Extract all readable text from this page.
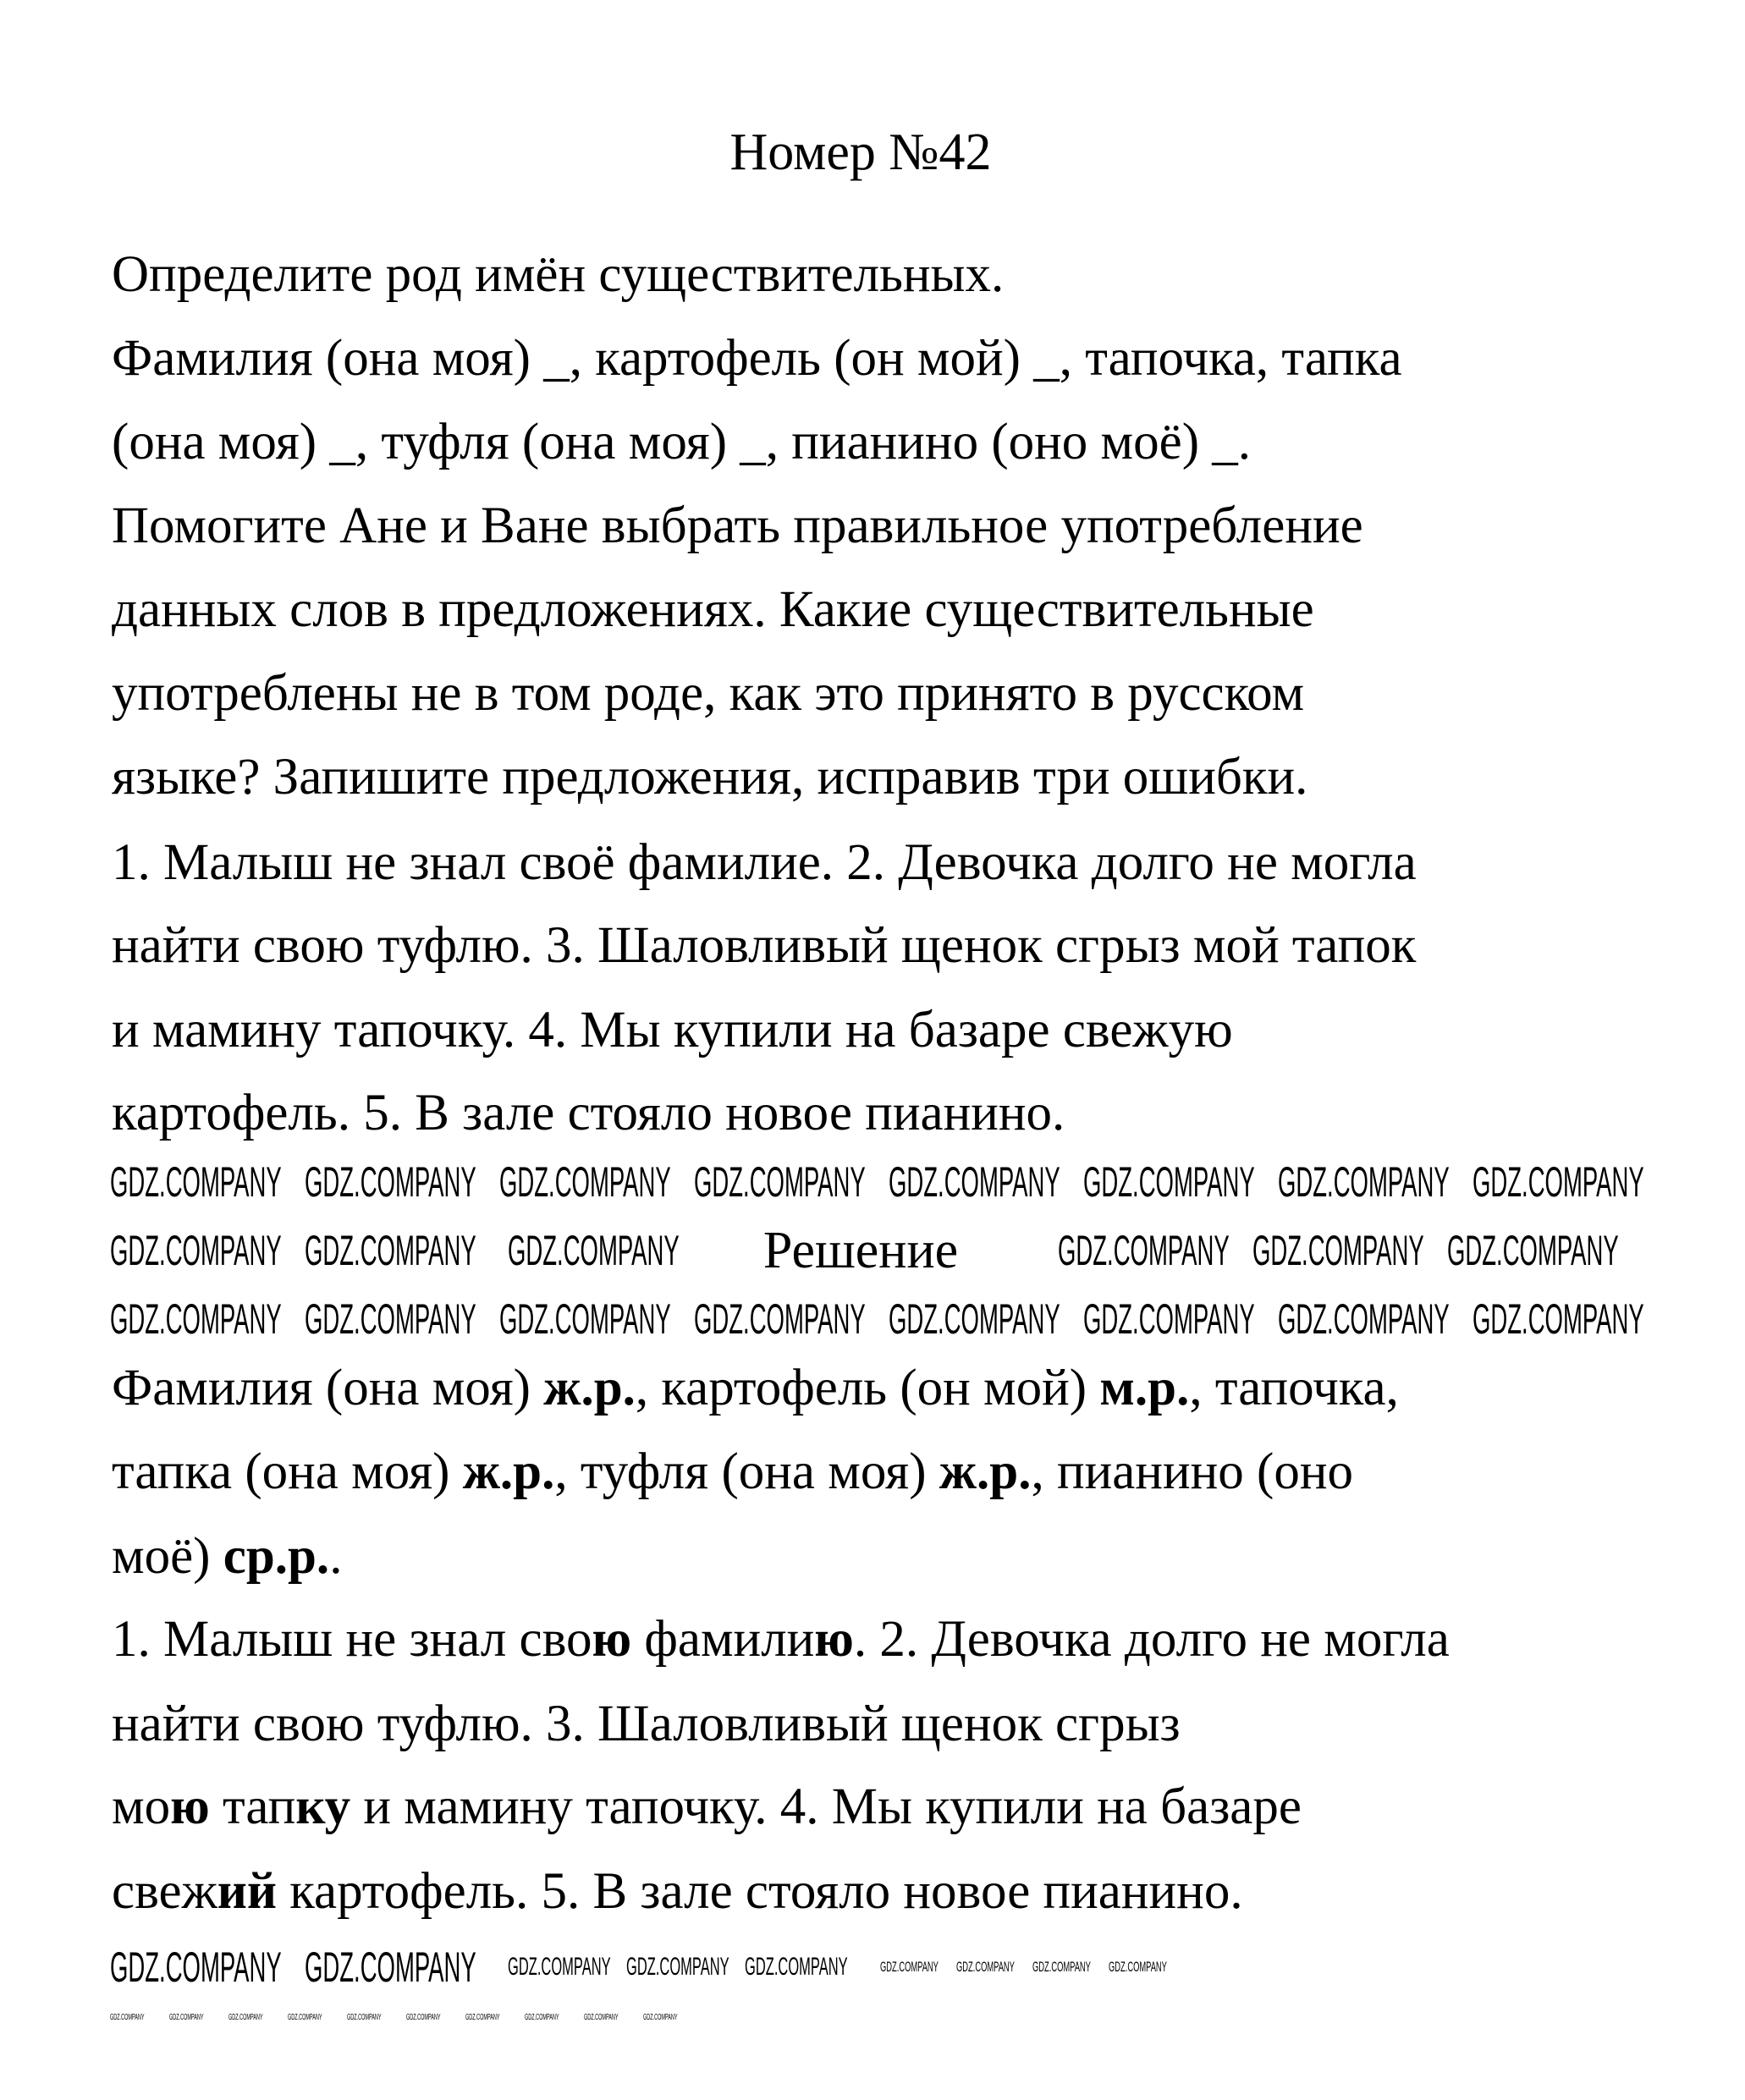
Номер №42
Определите род имён существительных.
Фамилия (она моя) _, картофель (он мой) _, тапочка, тапка
(она моя) _, туфля (она моя) _, пианино (оно моё) _.
Помогите Ане и Ване выбрать правильное употребление
данных слов в предложениях. Какие существительные
употреблены не в том роде, как это принято в русском
языке? Запишите предложения, исправив три ошибки.
1. Малыш не знал своё фамилие. 2. Девочка долго не могла
найти свою туфлю. 3. Шаловливый щенок сгрыз мой тапок
и мамину тапочку. 4. Мы купили на базаре свежую
картофель. 5. В зале стояло новое пианино.
Решение
Фамилия (она моя) ж.р., картофель (он мой) м.р., тапочка,
тапка (она моя) ж.р., туфля (она моя) ж.р., пианино (оно
моё) ср.р..
1. Малыш не знал свою фамилию. 2. Девочка долго не могла
найти свою туфлю. 3. Шаловливый щенок сгрыз
мою тапку и мамину тапочку. 4. Мы купили на базаре
свежий картофель. 5. В зале стояло новое пианино.
GDZ.COMPANY GDZ.COMPANY GDZ.COMPANY GDZ.COMPANY GDZ.COMPANY GDZ.COMPANY GDZ.COMPANY GDZ.COMPANY
GDZ.COMPANY GDZ.COMPANY GDZ.COMPANY	GDZ.COMPANY GDZ.COMPANY GDZ.COMPANY
GDZ.COMPANY GDZ.COMPANY GDZ.COMPANY GDZ.COMPANY GDZ.COMPANY GDZ.COMPANY GDZ.COMPANY GDZ.COMPANY
GDZ.COMPANY GDZ.COMPANY GDZ.COMPANY GDZ.COMPANY GDZ.COMPANY GDZ.COMPANY GDZ.COMPANY GDZ.COMPANY GDZ.COMPANY
GDZ.COMPANY	GDZ.COMPANY	GDZ.COMPANY	GDZ.COMPANY	GDZ.COMPANY	GDZ.COMPANY	GDZ.COMPANY	GDZ.COMPANY	GDZ.COMPANY	GDZ.COMPANY
